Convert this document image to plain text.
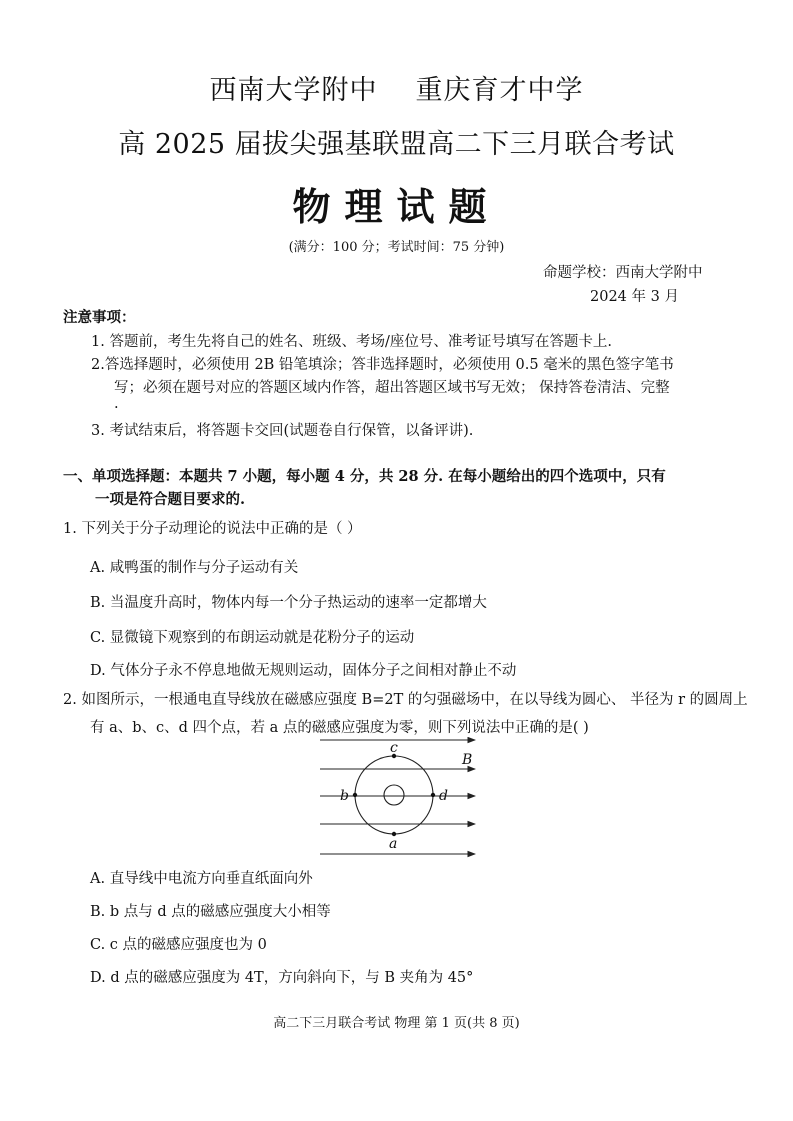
西南大学附中 重庆育才中学
高 2025 届拔尖强基联盟高二下三月联合考试
物理试题
(满分：100 分；考试时间：75 分钟)
命题学校：西南大学附中
2024 年 3 月
注意事项：
1. 答题前，考生先将自己的姓名、班级、考场/座位号、准考证号填写在答题卡上.
2.答选择题时，必须使用 2B 铅笔填涂；答非选择题时，必须使用 0.5 毫米的黑色签字笔书
写；必须在题号对应的答题区域内作答，超出答题区域书写无效； 保持答卷清洁、完整
.
3. 考试结束后，将答题卡交回(试题卷自行保管，以备评讲).
一、单项选择题：本题共 7 小题，每小题 4 分，共 28 分. 在每小题给出的四个选项中，只有
一项是符合题目要求的.
1. 下列关于分子动理论的说法中正确的是（ ）
A. 咸鸭蛋的制作与分子运动有关
B. 当温度升高时，物体内每一个分子热运动的速率一定都增大
C. 显微镜下观察到的布朗运动就是花粉分子的运动
D. 气体分子永不停息地做无规则运动，固体分子之间相对静止不动
2. 如图所示，一根通电直导线放在磁感应强度 B=2T 的匀强磁场中，在以导线为圆心、 半径为 r 的圆周上
有 a、b、c、d 四个点，若 a 点的磁感应强度为零，则下列说法中正确的是( )
c
b	d
a
B
A. 直导线中电流方向垂直纸面向外
B. b 点与 d 点的磁感应强度大小相等
C. c 点的磁感应强度也为 0
D. d 点的磁感应强度为 4T，方向斜向下，与 B 夹角为 45°
高二下三月联合考试 物理 第 1 页(共 8 页)
